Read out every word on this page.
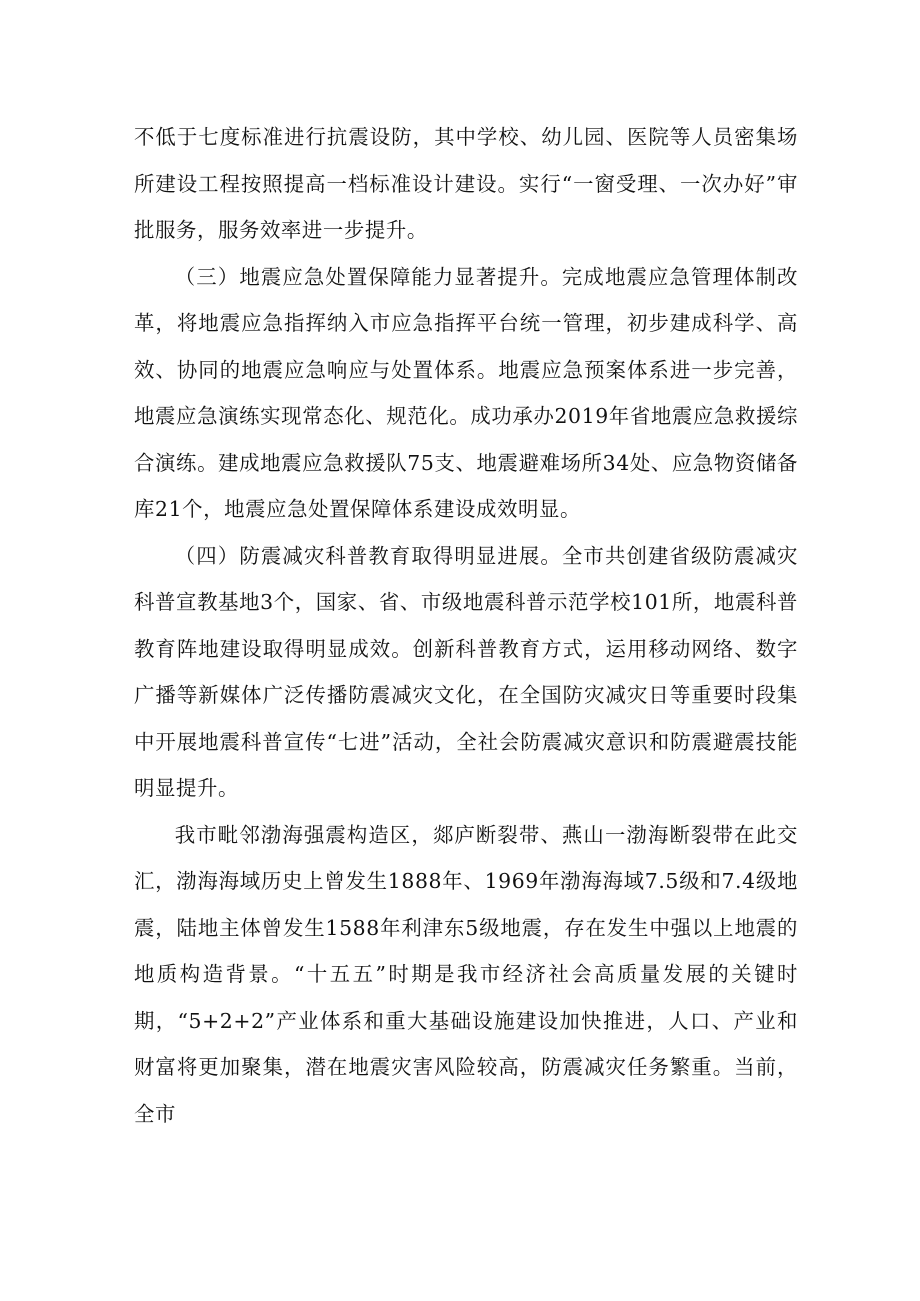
不低于七度标准进行抗震设防，其中学校、幼儿园、医院等人员密集场所建设工程按照提高一档标准设计建设。实行“一窗受理、一次办好”审批服务，服务效率进一步提升。

（三）地震应急处置保障能力显著提升。完成地震应急管理体制改革，将地震应急指挥纳入市应急指挥平台统一管理，初步建成科学、高效、协同的地震应急响应与处置体系。地震应急预案体系进一步完善，地震应急演练实现常态化、规范化。成功承办2019年省地震应急救援综合演练。建成地震应急救援队75支、地震避难场所34处、应急物资储备库21个，地震应急处置保障体系建设成效明显。

（四）防震减灾科普教育取得明显进展。全市共创建省级防震减灾科普宣教基地3个，国家、省、市级地震科普示范学校101所，地震科普教育阵地建设取得明显成效。创新科普教育方式，运用移动网络、数字广播等新媒体广泛传播防震减灾文化，在全国防灾减灾日等重要时段集中开展地震科普宣传“七进”活动，全社会防震减灾意识和防震避震技能明显提升。

我市毗邻渤海强震构造区，郯庐断裂带、燕山一渤海断裂带在此交汇，渤海海域历史上曾发生1888年、1969年渤海海域7.5级和7.4级地震，陆地主体曾发生1588年利津东5级地震，存在发生中强以上地震的地质构造背景。“十五五”时期是我市经济社会高质量发展的关键时期，“5+2+2”产业体系和重大基础设施建设加快推进，人口、产业和财富将更加聚集，潜在地震灾害风险较高，防震减灾任务繁重。当前，全市
